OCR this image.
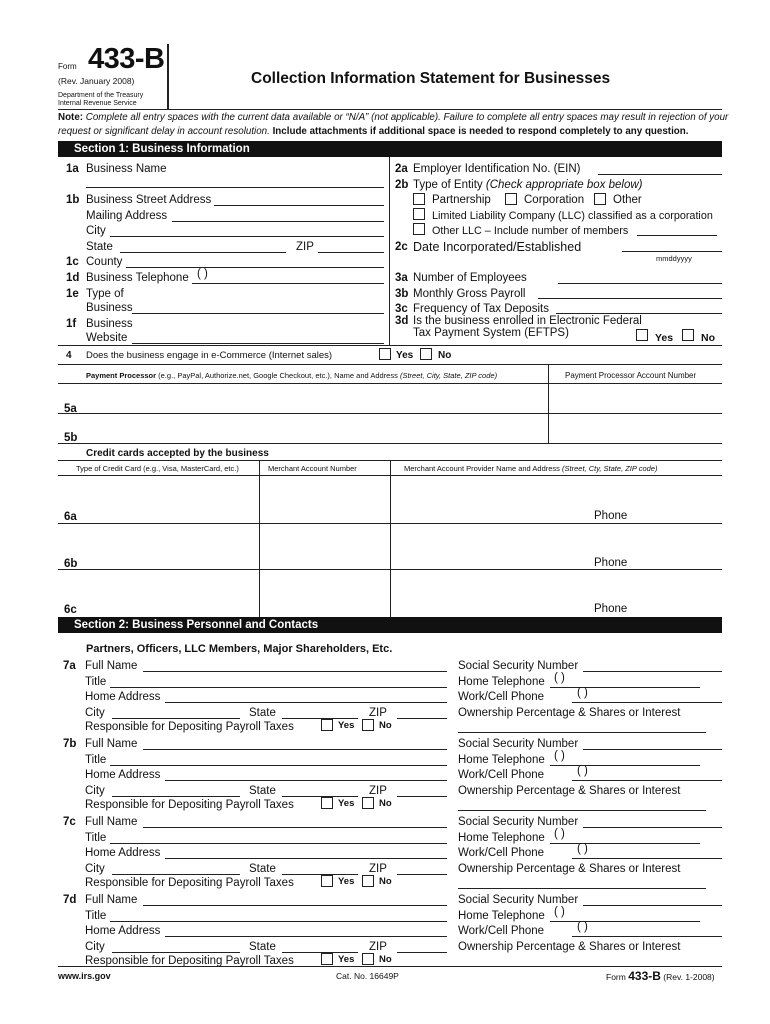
Form 433-B
(Rev. January 2008)
Department of the Treasury
Internal Revenue Service
Collection Information Statement for Businesses
Note: Complete all entry spaces with the current data available or “N/A” (not applicable). Failure to complete all entry spaces may result in rejection of your
request or significant delay in account resolution. Include attachments if additional space is needed to respond completely to any question.
Section 1: Business Information
1a Business Name
1b Business Street Address
Mailing Address
City
State	ZIP
1c County
1d Business Telephone ( )
1e Type of
Business
1f Business
Website
2a Employer Identification No. (EIN)
2b Type of Entity (Check appropriate box below)
Partnership	Corporation	Other
Limited Liability Company (LLC) classified as a corporation
Other LLC – Include number of members
2c Date Incorporated/Established
mmddyyyy
3a Number of Employees
3b Monthly Gross Payroll
3c Frequency of Tax Deposits
3d Is the business enrolled in Electronic Federal
Tax Payment System (EFTPS)	Yes	No
4 Does the business engage in e-Commerce (Internet sales)	Yes No
Payment Processor (e.g., PayPal, Authorize.net, Google Checkout, etc.), Name and Address (Street, City, State, ZIP code)	Payment Processor Account Number
5a
5b
Credit cards accepted by the business
Type of Credit Card (e.g., Visa, MasterCard, etc.)	Merchant Account Number	Merchant Account Provider Name and Address (Street, Cty, State, ZIP code)
6a	Phone
6b	Phone
6c	Phone
Section 2: Business Personnel and Contacts
Partners, Officers, LLC Members, Major Shareholders, Etc.
7a Full Name
Title
Home Address
City	State	ZIP
Responsible for Depositing Payroll Taxes	Yes	No
Social Security Number
Home Telephone ( )
Work/Cell Phone	( )
Ownership Percentage & Shares or Interest
7b Full Name
Title
Home Address
City	State	ZIP
Responsible for Depositing Payroll Taxes	Yes	No
Social Security Number
Home Telephone ( )
Work/Cell Phone	( )
Ownership Percentage & Shares or Interest
7c Full Name
Title
Home Address
City	State	ZIP
Responsible for Depositing Payroll Taxes	Yes	No
Social Security Number
Home Telephone ( )
Work/Cell Phone	( )
Ownership Percentage & Shares or Interest
7d Full Name
Title
Home Address
City	State	ZIP
Responsible for Depositing Payroll Taxes	Yes	No
Social Security Number
Home Telephone ( )
Work/Cell Phone	( )
Ownership Percentage & Shares or Interest
www.irs.gov	Cat. No. 16649P	Form 433-B (Rev. 1-2008)
